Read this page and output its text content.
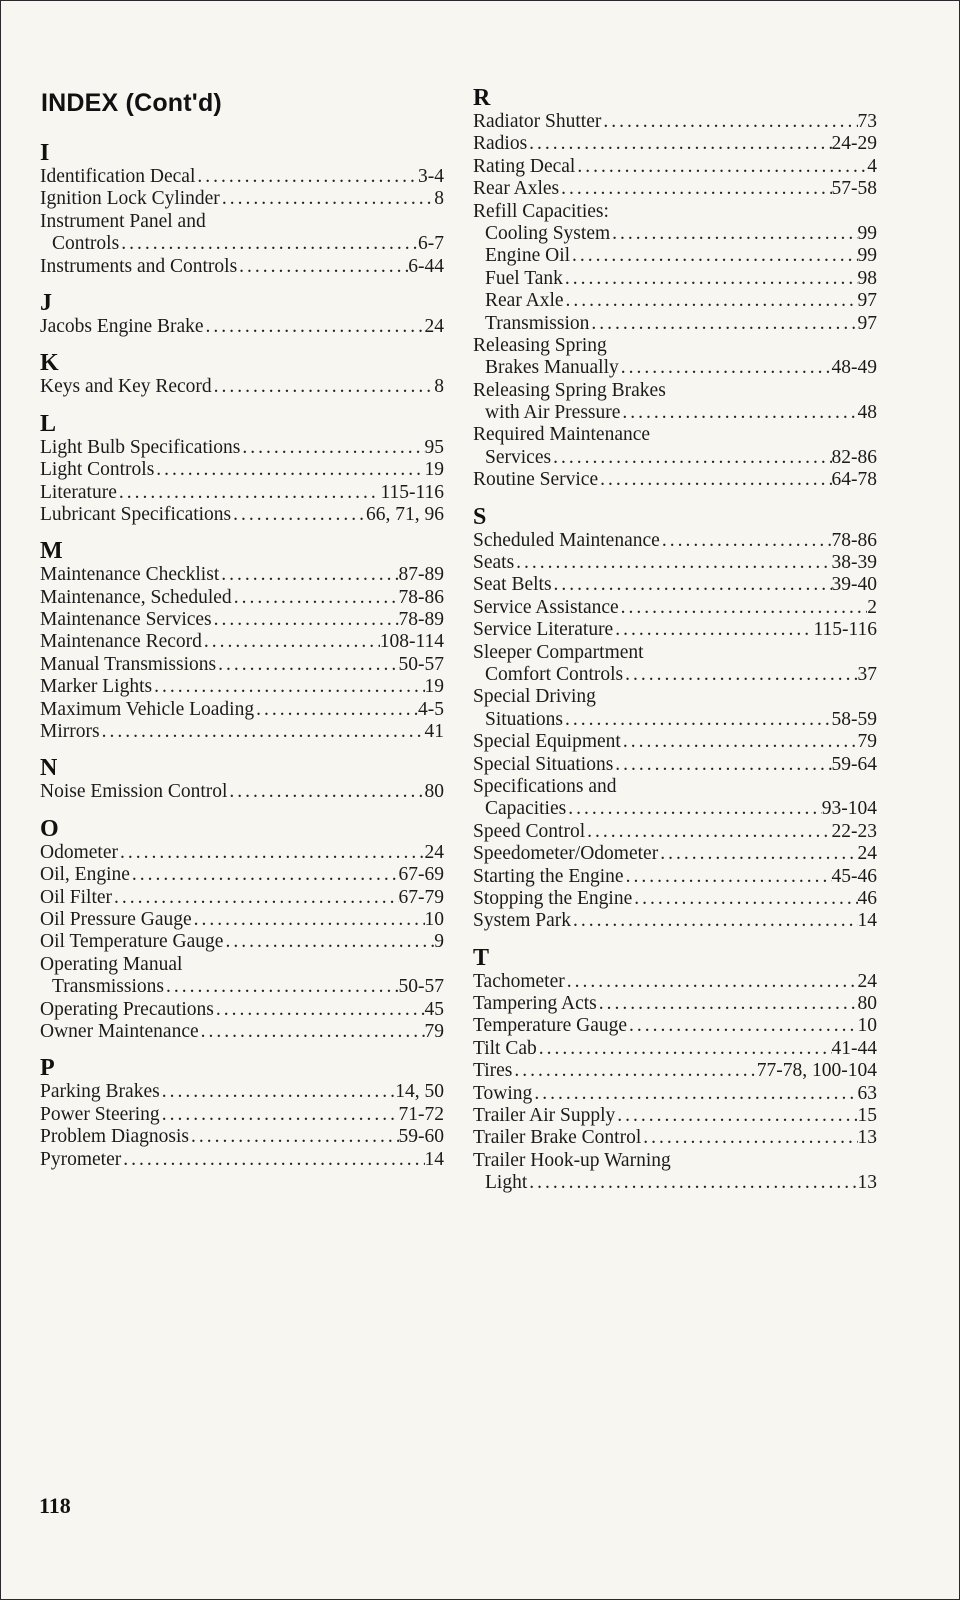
INDEX (Cont'd)
I
Identification Decal .....	3-4
Ignition Lock Cylinder .....	8
Instrument Panel and
Controls .....	6-7
Instruments and Controls .....	6-44
J
Jacobs Engine Brake .....	24
K
Keys and Key Record .....	8
L
Light Bulb Specifications .....	95
Light Controls .....	19
Literature .....	115-116
Lubricant Specifications .....	66, 71, 96
M
Maintenance Checklist .....	87-89
Maintenance, Scheduled .....	78-86
Maintenance Services .....	78-89
Maintenance Record .....	108-114
Manual Transmissions .....	50-57
Marker Lights .....	19
Maximum Vehicle Loading .....	4-5
Mirrors .....	41
N
Noise Emission Control .....	80
O
Odometer .....	24
Oil, Engine .....	67-69
Oil Filter .....	67-79
Oil Pressure Gauge .....	10
Oil Temperature Gauge .....	9
Operating Manual
Transmissions .....	50-57
Operating Precautions .....	45
Owner Maintenance .....	79
P
Parking Brakes .....	14, 50
Power Steering .....	71-72
Problem Diagnosis .....	59-60
Pyrometer .....	14
R
Radiator Shutter .....	73
Radios .....	24-29
Rating Decal .....	4
Rear Axles .....	57-58
Refill Capacities:
Cooling System .....	99
Engine Oil .....	99
Fuel Tank .....	98
Rear Axle .....	97
Transmission .....	97
Releasing Spring
Brakes Manually .....	48-49
Releasing Spring Brakes
with Air Pressure .....	48
Required Maintenance
Services .....	82-86
Routine Service .....	64-78
S
Scheduled Maintenance .....	78-86
Seats .....	38-39
Seat Belts .....	39-40
Service Assistance .....	2
Service Literature .....	115-116
Sleeper Compartment
Comfort Controls .....	37
Special Driving
Situations .....	58-59
Special Equipment .....	79
Special Situations .....	59-64
Specifications and
Capacities .....	93-104
Speed Control .....	22-23
Speedometer/Odometer .....	24
Starting the Engine .....	45-46
Stopping the Engine .....	46
System Park .....	14
T
Tachometer .....	24
Tampering Acts .....	80
Temperature Gauge .....	10
Tilt Cab .....	41-44
Tires .....	77-78, 100-104
Towing .....	63
Trailer Air Supply .....	15
Trailer Brake Control .....	13
Trailer Hook-up Warning
Light .....	13
118
